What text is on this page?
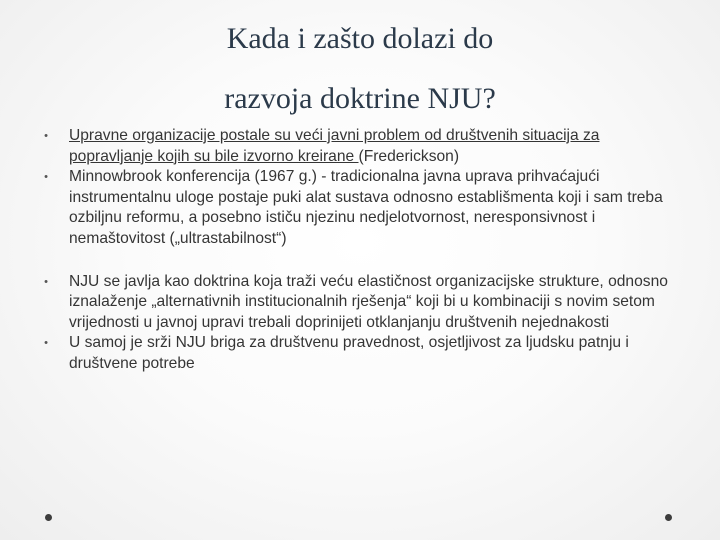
Kada i zašto dolazi do
razvoja doktrine NJU?
• Upravne organizacije postale su veći javni problem od društvenih situacija za popravljanje kojih su bile izvorno kreirane (Frederickson)
• Minnowbrook konferencija (1967 g.) - tradicionalna javna uprava prihvaćajući instrumentalnu uloge postaje puki alat sustava odnosno establišmenta koji i sam treba ozbiljnu reformu, a posebno ističu njezinu nedjelotvornost, neresponsivnost i nemaštovitost („ultrastabilnost“)
• NJU se javlja kao doktrina koja traži veću elastičnost organizacijske strukture, odnosno iznalaženje „alternativnih institucionalnih rješenja“ koji bi u kombinaciji s novim setom vrijednosti u javnoj upravi trebali doprinijeti otklanjanju društvenih nejednakosti
• U samoj je srži NJU briga za društvenu pravednost, osjetljivost za ljudsku patnju i društvene potrebe
